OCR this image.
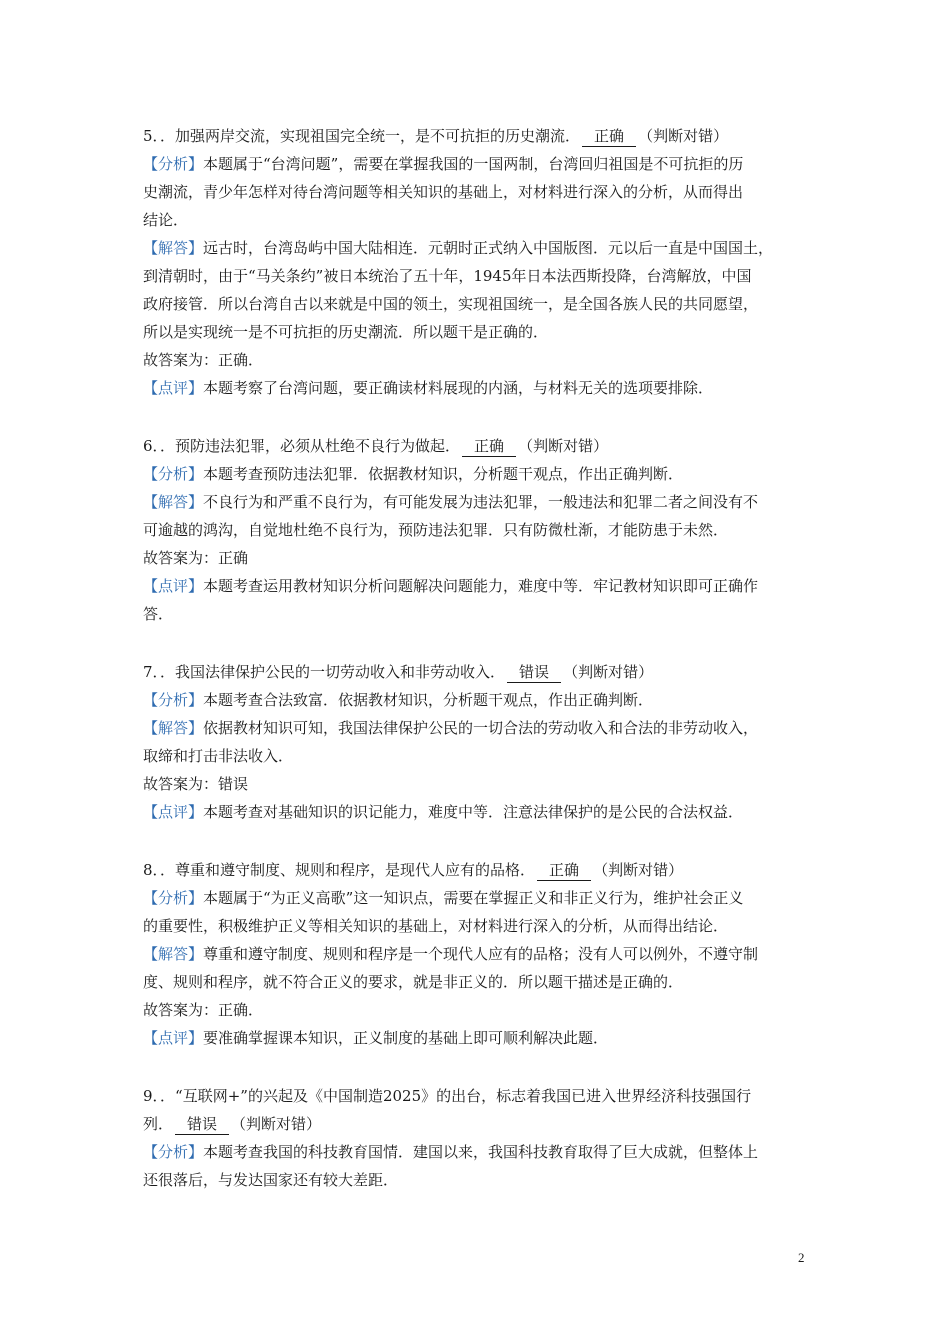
5．．加强两岸交流，实现祖国完全统一，是不可抗拒的历史潮流． 正确 （判断对错）
【分析】本题属于“台湾问题”，需要在掌握我国的一国两制，台湾回归祖国是不可抗拒的历
史潮流，青少年怎样对待台湾问题等相关知识的基础上，对材料进行深入的分析，从而得出
结论．
【解答】远古时，台湾岛屿中国大陆相连．元朝时正式纳入中国版图．元以后一直是中国国土，
到清朝时，由于“马关条约”被日本统治了五十年，1945年日本法西斯投降，台湾解放，中国
政府接管．所以台湾自古以来就是中国的领土，实现祖国统一，是全国各族人民的共同愿望，
所以是实现统一是不可抗拒的历史潮流．所以题干是正确的．
故答案为：正确．
【点评】本题考察了台湾问题，要正确读材料展现的内涵，与材料无关的选项要排除．
6．．预防违法犯罪，必须从杜绝不良行为做起． 正确 （判断对错）
【分析】本题考查预防违法犯罪．依据教材知识，分析题干观点，作出正确判断．
【解答】不良行为和严重不良行为，有可能发展为违法犯罪，一般违法和犯罪二者之间没有不
可逾越的鸿沟，自觉地杜绝不良行为，预防违法犯罪．只有防微杜渐，才能防患于未然．
故答案为：正确
【点评】本题考查运用教材知识分析问题解决问题能力，难度中等．牢记教材知识即可正确作
答．
7．．我国法律保护公民的一切劳动收入和非劳动收入． 错误 （判断对错）
【分析】本题考查合法致富．依据教材知识，分析题干观点，作出正确判断．
【解答】依据教材知识可知，我国法律保护公民的一切合法的劳动收入和合法的非劳动收入，
取缔和打击非法收入．
故答案为：错误
【点评】本题考查对基础知识的识记能力，难度中等．注意法律保护的是公民的合法权益．
8．．尊重和遵守制度、规则和程序，是现代人应有的品格． 正确 （判断对错）
【分析】本题属于“为正义高歌”这一知识点，需要在掌握正义和非正义行为，维护社会正义
的重要性，积极维护正义等相关知识的基础上，对材料进行深入的分析，从而得出结论．
【解答】尊重和遵守制度、规则和程序是一个现代人应有的品格；没有人可以例外，不遵守制
度、规则和程序，就不符合正义的要求，就是非正义的．所以题干描述是正确的．
故答案为：正确．
【点评】要准确掌握课本知识，正义制度的基础上即可顺利解决此题．
9．．“互联网+”的兴起及《中国制造2025》的出台，标志着我国已进入世界经济科技强国行
列． 错误 （判断对错）
【分析】本题考查我国的科技教育国情．建国以来，我国科技教育取得了巨大成就，但整体上
还很落后，与发达国家还有较大差距．
2
